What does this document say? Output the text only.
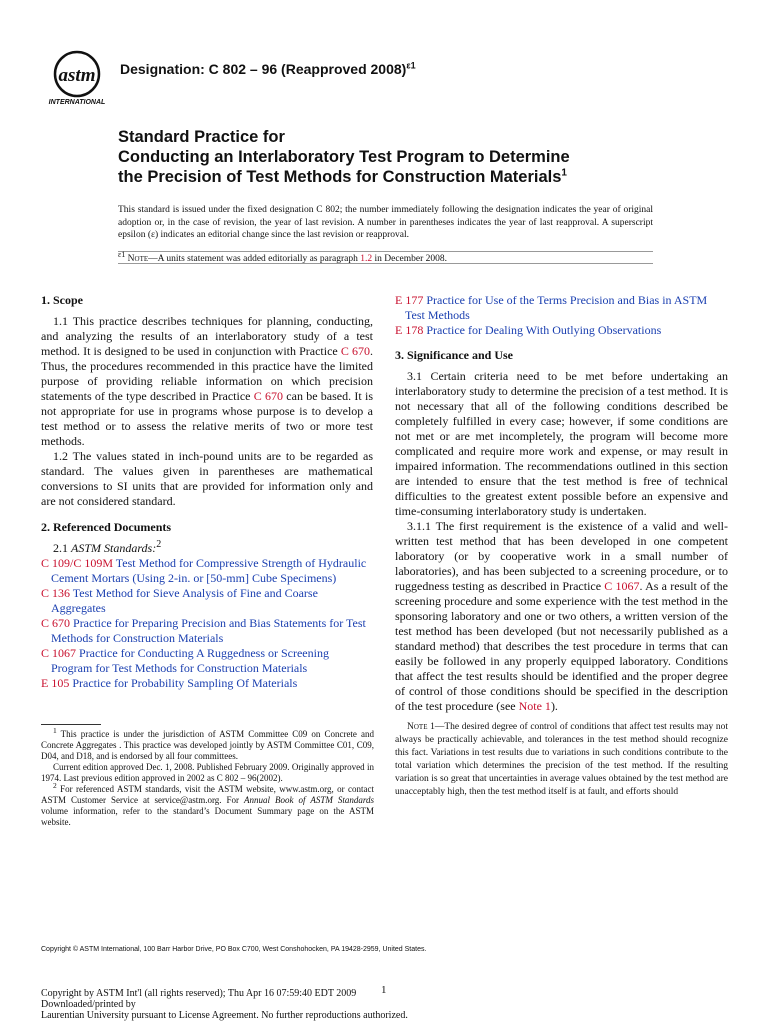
astm
INTERNATIONAL
Designation: C 802 – 96 (Reapproved 2008)$^{\varepsilon 1}$
Standard Practice for
Conducting an Interlaboratory Test Program to Determine
the Precision of Test Methods for Construction Materials$^1$
This standard is issued under the fixed designation C 802; the number immediately following the designation indicates the year of original adoption or, in the case of revision, the year of last revision. A number in parentheses indicates the year of last reapproval. A superscript epsilon (ε) indicates an editorial change since the last revision or reapproval.
$^{\varepsilon 1}$ Note—A units statement was added editorially as paragraph 1.2 in December 2008.
1. Scope

1.1 This practice describes techniques for planning, conducting, and analyzing the results of an interlaboratory study of a test method. It is designed to be used in conjunction with Practice C 670. Thus, the procedures recommended in this practice have the limited purpose of providing reliable information on which precision statements of the type described in Practice C 670 can be based. It is not appropriate for use in programs whose purpose is to develop a test method or to assess the relative merits of two or more test methods.

1.2 The values stated in inch-pound units are to be regarded as standard. The values given in parentheses are mathematical conversions to SI units that are provided for information only and are not considered standard.

2. Referenced Documents

2.1 ASTM Standards:$^2$

C 109/C 109M Test Method for Compressive Strength of Hydraulic Cement Mortars (Using 2-in. or [50-mm] Cube Specimens)

C 136 Test Method for Sieve Analysis of Fine and Coarse Aggregates

C 670 Practice for Preparing Precision and Bias Statements for Test Methods for Construction Materials

C 1067 Practice for Conducting A Ruggedness or Screening Program for Test Methods for Construction Materials

E 105 Practice for Probability Sampling Of Materials

$^1$ This practice is under the jurisdiction of ASTM Committee C09 on Concrete and Concrete Aggregates . This practice was developed jointly by ASTM Committee C01, C09, D04, and D18, and is endorsed by all four committees.

Current edition approved Dec. 1, 2008. Published February 2009. Originally approved in 1974. Last previous edition approved in 2002 as C 802 – 96(2002).

$^2$ For referenced ASTM standards, visit the ASTM website, www.astm.org, or contact ASTM Customer Service at service@astm.org. For Annual Book of ASTM Standards volume information, refer to the standard’s Document Summary page on the ASTM website.

E 177 Practice for Use of the Terms Precision and Bias in ASTM Test Methods

E 178 Practice for Dealing With Outlying Observations

3. Significance and Use

3.1 Certain criteria need to be met before undertaking an interlaboratory study to determine the precision of a test method. It is not necessary that all of the following conditions described be completely fulfilled in every case; however, if some conditions are not met or are met incompletely, the program will become more complicated and require more work and expense, or may result in impaired information. The recommendations outlined in this section are intended to ensure that the test method is free of technical difficulties to the greatest extent possible before an expensive and time-consuming interlaboratory study is undertaken.

3.1.1 The first requirement is the existence of a valid and well-written test method that has been developed in one competent laboratory (or by cooperative work in a small number of laboratories), and has been subjected to a screening procedure, or to ruggedness testing as described in Practice C 1067. As a result of the screening procedure and some experience with the test method in the sponsoring laboratory and one or two others, a written version of the test method has been developed (but not necessarily published as a standard method) that describes the test procedure in terms that can easily be followed in any properly equipped laboratory. Conditions that affect the test results should be identified and the proper degree of control of those conditions should be specified in the description of the test procedure (see Note 1).

Note 1—The desired degree of control of conditions that affect test results may not always be practically achievable, and tolerances in the test method should recognize this fact. Variations in test results due to variations in such conditions contribute to the total variation which determines the precision of the test method. If the resulting variation is so great that uncertainties in average values obtained by the test method are unacceptably high, then the test method itself is at fault, and efforts should

Copyright © ASTM International, 100 Barr Harbor Drive, PO Box C700, West Conshohocken, PA 19428-2959, United States.
1
Copyright by ASTM Int'l (all rights reserved); Thu Apr 16 07:59:40 EDT 2009
Downloaded/printed by
Laurentian University pursuant to License Agreement. No further reproductions authorized.
